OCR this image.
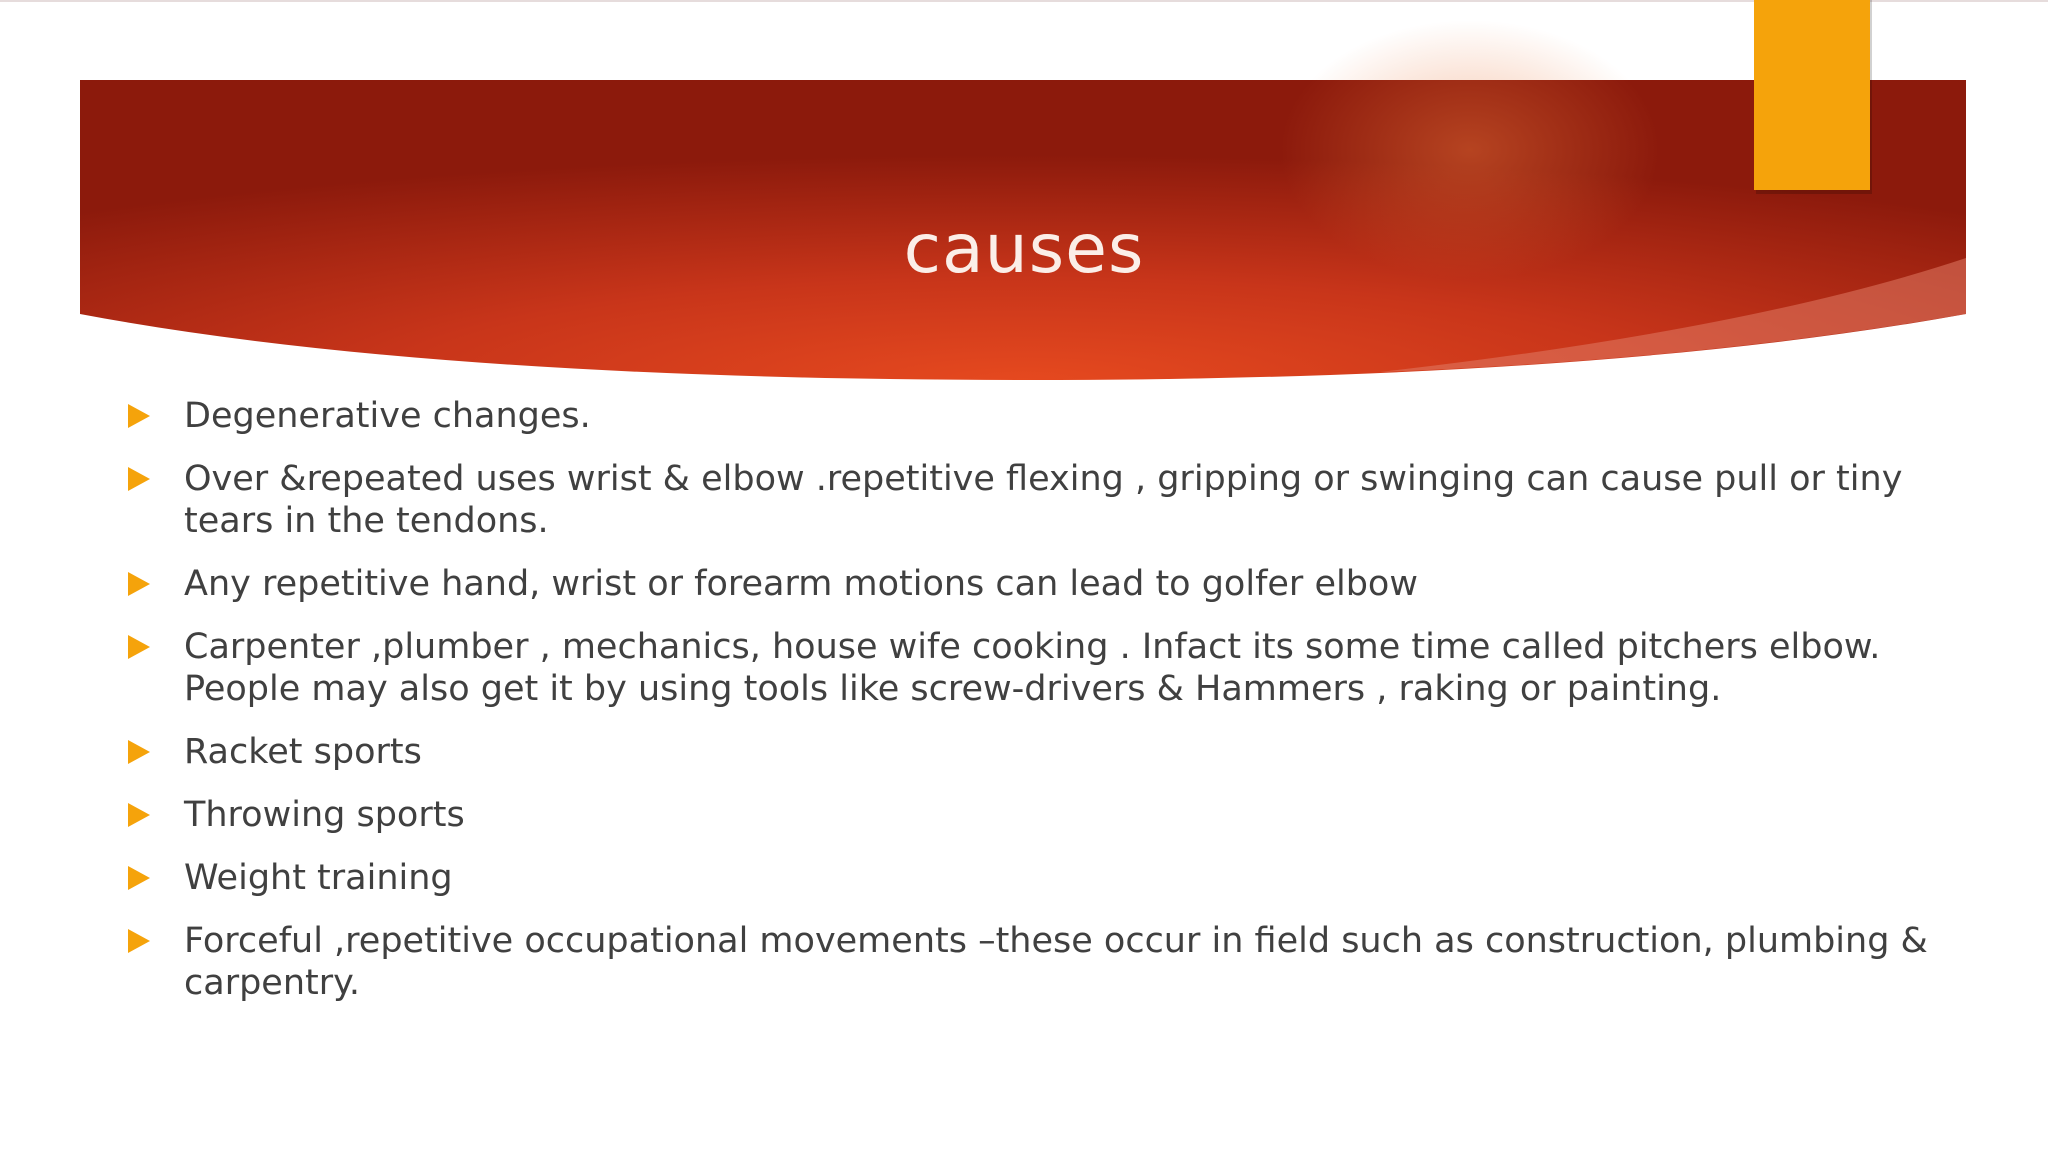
causes
Degenerative changes.
Over &repeated uses wrist & elbow .repetitive flexing , gripping or swinging can cause pull or tiny tears in the tendons.
Any repetitive hand, wrist or forearm motions can lead to golfer elbow
Carpenter ,plumber , mechanics, house wife cooking . Infact its some time called pitchers elbow. People may also get it by using tools like screw-drivers & Hammers , raking or painting.
Racket sports
Throwing sports
Weight training
Forceful ,repetitive occupational movements –these occur in field such as construction, plumbing & carpentry.
